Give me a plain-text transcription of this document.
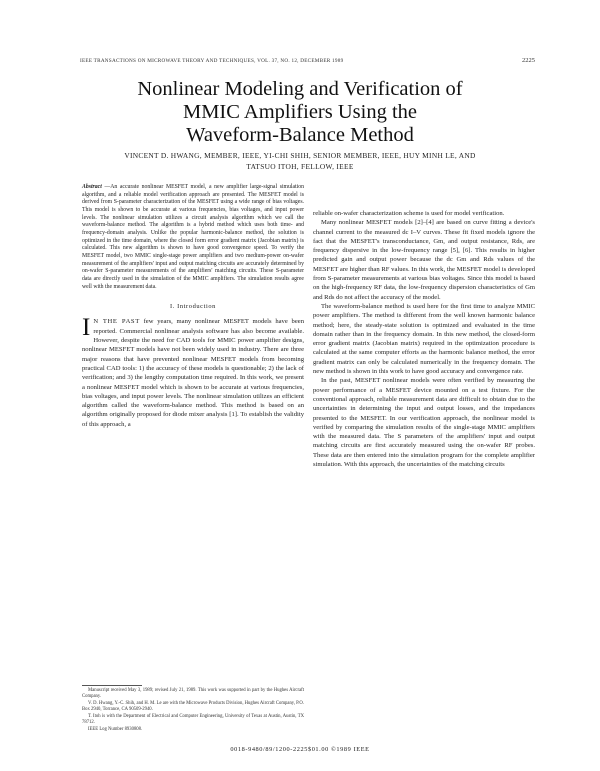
IEEE TRANSACTIONS ON MICROWAVE THEORY AND TECHNIQUES, VOL. 37, NO. 12, DECEMBER 1989	2225
Nonlinear Modeling and Verification of
MMIC Amplifiers Using the
Waveform-Balance Method
VINCENT D. HWANG, MEMBER, IEEE, YI-CHI SHIH, SENIOR MEMBER, IEEE, HUY MINH LE, AND
TATSUO ITOH, FELLOW, IEEE

Abstract —An accurate nonlinear MESFET model, a new amplifier large-signal simulation algorithm, and a reliable model verification approach are presented. The MESFET model is derived from S-parameter characterization of the MESFET using a wide range of bias voltages. This model is shown to be accurate at various frequencies, bias voltages, and input power levels. The nonlinear simulation utilizes a circuit analysis algorithm which we call the waveform-balance method. The algorithm is a hybrid method which uses both time- and frequency-domain analysis. Unlike the popular harmonic-balance method, the solution is optimized in the time domain, where the closed form error gradient matrix (Jacobian matrix) is calculated. This new algorithm is shown to have good convergence speed. To verify the MESFET model, two MMIC single-stage power amplifiers and two medium-power on-wafer measurement of the amplifiers' input and output matching circuits are accurately determined by on-wafer S-parameter measurements of the amplifiers' matching circuits. These S-parameter data are directly used in the simulation of the MMIC amplifiers. The simulation results agree well with the measurement data.

I. Introduction

I N THE PAST few years, many nonlinear MESFET models have been reported. Commercial nonlinear analysis software has also become available. However, despite the need for CAD tools for MMIC power amplifier designs, nonlinear MESFET models have not been widely used in industry. There are three major reasons that have prevented nonlinear MESFET models from becoming practical CAD tools: 1) the accuracy of these models is questionable; 2) the lack of verification; and 3) the lengthy computation time required. In this work, we present a nonlinear MESFET model which is shown to be accurate at various frequencies, bias voltages, and input power levels. The nonlinear simulation utilizes an efficient algorithm called the waveform-balance method. This method is based on an algorithm originally proposed for diode mixer analysis [1]. To establish the validity of this approach, a

Manuscript received May 3, 1989; revised July 21, 1989. This work was supported in part by the Hughes Aircraft Company.

V. D. Hwang, Y.-C. Shih, and H. M. Le are with the Microwave Products Division, Hughes Aircraft Company, P.O. Box 2940, Torrance, CA 90509-2940.

T. Itoh is with the Department of Electrical and Computer Engineering, University of Texas at Austin, Austin, TX 78712.

IEEE Log Number 8930808.

reliable on-wafer characterization scheme is used for model verification.

Many nonlinear MESFET models [2]–[4] are based on curve fitting a device's channel current to the measured dc I–V curves. These fit fixed models ignore the fact that the MESFET's transconductance, Gm, and output resistance, Rds, are frequency dispersive in the low-frequency range [5], [6]. This results in higher predicted gain and output power because the dc Gm and Rds values of the MESFET are higher than RF values. In this work, the MESFET model is developed from S-parameter measurements at various bias voltages. Since this model is based on the high-frequency RF data, the low-frequency dispersion characteristics of Gm and Rds do not affect the accuracy of the model.

The waveform-balance method is used here for the first time to analyze MMIC power amplifiers. The method is different from the well known harmonic balance method; here, the steady-state solution is optimized and evaluated in the time domain rather than in the frequency domain. In this new method, the closed-form error gradient matrix (Jacobian matrix) required in the optimization procedure is calculated at the same computer efforts as the harmonic balance method, the error gradient matrix can only be calculated numerically in the frequency domain. The new method is shown in this work to have good accuracy and convergence rate.

In the past, MESFET nonlinear models were often verified by measuring the power performance of a MESFET device mounted on a test fixture. For the conventional approach, reliable measurement data are difficult to obtain due to the uncertainties in determining the input and output losses, and the impedances presented to the MESFET. In our verification approach, the nonlinear model is verified by comparing the simulation results of the single-stage MMIC amplifiers with the measured data. The S parameters of the amplifiers' input and output matching circuits are first accurately measured using the on-wafer RF probes. These data are then entered into the simulation program for the complete amplifier simulation. With this approach, the uncertainties of the matching circuits

0018-9480/89/1200-2225$01.00 ©1989 IEEE
